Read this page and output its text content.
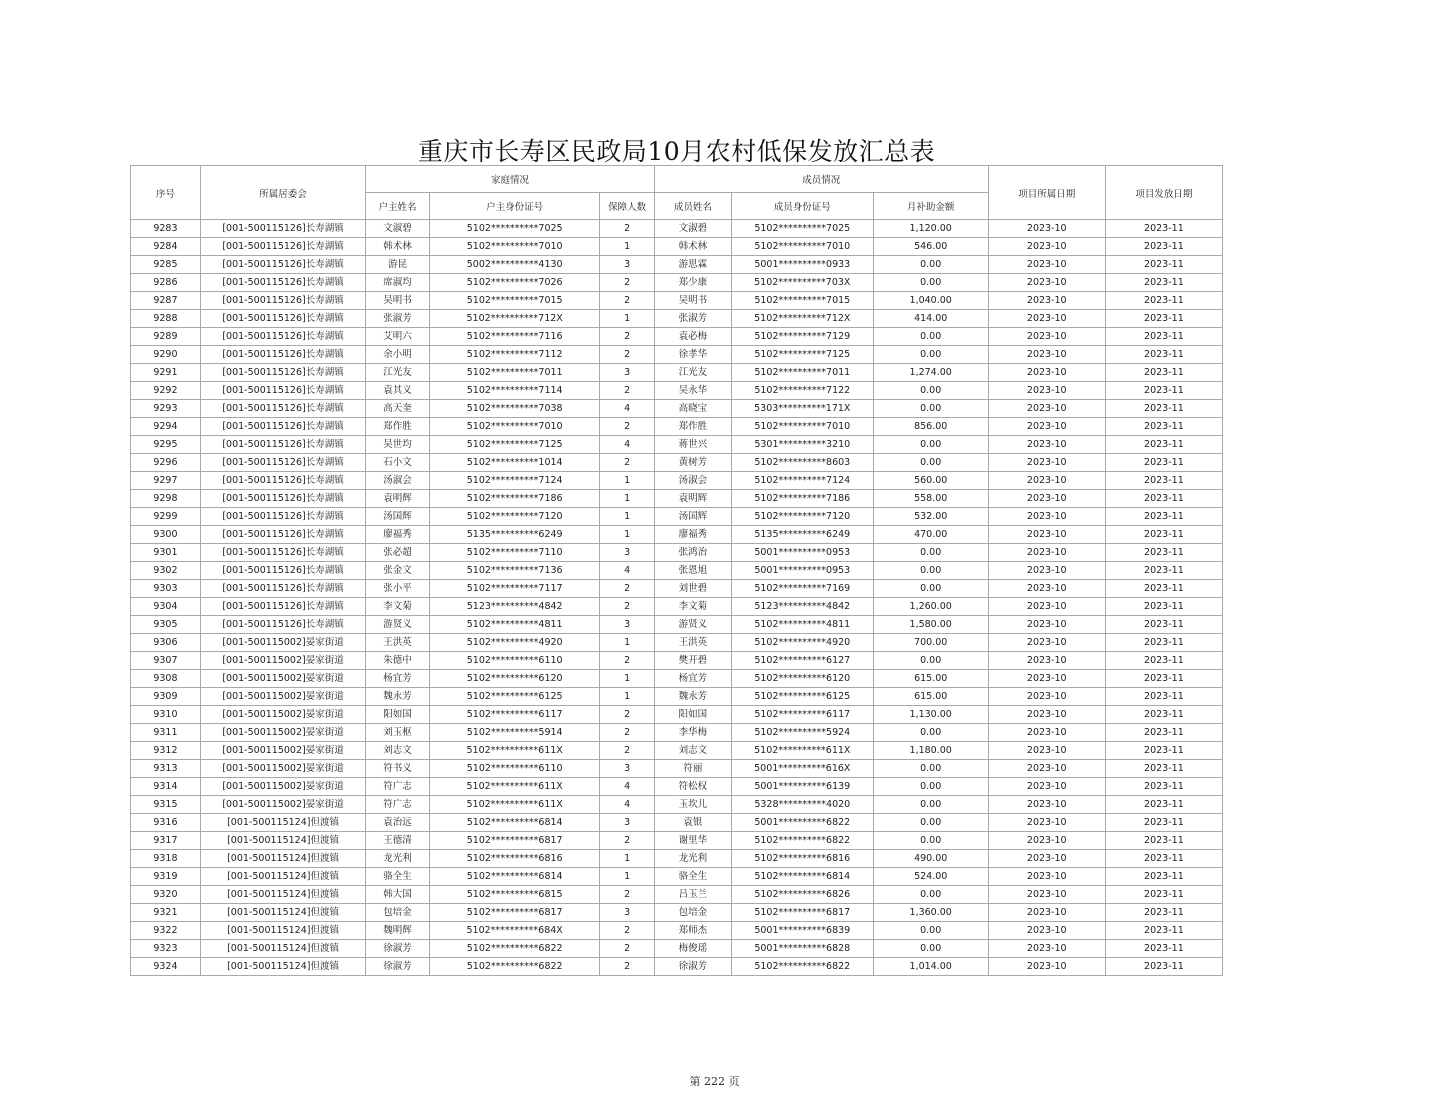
重庆市长寿区民政局10月农村低保发放汇总表
序号	所属居委会	家庭情况			成员情况			项目所属日期	项目发放日期
		户主姓名	户主身份证号	保障人数	成员姓名	成员身份证号	月补助金额		
9283	[001-500115126]长寿湖镇	文淑碧	5102**********7025	2	文淑碧	5102**********7025	1,120.00	2023-10	2023-11
9284	[001-500115126]长寿湖镇	韩术林	5102**********7010	1	韩术林	5102**********7010	546.00	2023-10	2023-11
9285	[001-500115126]长寿湖镇	游昆	5002**********4130	3	游思霖	5001**********0933	0.00	2023-10	2023-11
9286	[001-500115126]长寿湖镇	席淑均	5102**********7026	2	郑少康	5102**********703X	0.00	2023-10	2023-11
9287	[001-500115126]长寿湖镇	吴明书	5102**********7015	2	吴明书	5102**********7015	1,040.00	2023-10	2023-11
9288	[001-500115126]长寿湖镇	张淑芳	5102**********712X	1	张淑芳	5102**********712X	414.00	2023-10	2023-11
9289	[001-500115126]长寿湖镇	艾明六	5102**********7116	2	袁必梅	5102**********7129	0.00	2023-10	2023-11
9290	[001-500115126]长寿湖镇	余小明	5102**********7112	2	徐孝华	5102**********7125	0.00	2023-10	2023-11
9291	[001-500115126]长寿湖镇	江光友	5102**********7011	3	江光友	5102**********7011	1,274.00	2023-10	2023-11
9292	[001-500115126]长寿湖镇	袁其义	5102**********7114	2	吴永华	5102**********7122	0.00	2023-10	2023-11
9293	[001-500115126]长寿湖镇	高天奎	5102**********7038	4	高晓宝	5303**********171X	0.00	2023-10	2023-11
9294	[001-500115126]长寿湖镇	郑作胜	5102**********7010	2	郑作胜	5102**********7010	856.00	2023-10	2023-11
9295	[001-500115126]长寿湖镇	吴世均	5102**********7125	4	蒋世兴	5301**********3210	0.00	2023-10	2023-11
9296	[001-500115126]长寿湖镇	石小文	5102**********1014	2	黄树芳	5102**********8603	0.00	2023-10	2023-11
9297	[001-500115126]长寿湖镇	汤淑会	5102**********7124	1	汤淑会	5102**********7124	560.00	2023-10	2023-11
9298	[001-500115126]长寿湖镇	袁明辉	5102**********7186	1	袁明辉	5102**********7186	558.00	2023-10	2023-11
9299	[001-500115126]长寿湖镇	汤国辉	5102**********7120	1	汤国辉	5102**********7120	532.00	2023-10	2023-11
9300	[001-500115126]长寿湖镇	廖福秀	5135**********6249	1	廖福秀	5135**********6249	470.00	2023-10	2023-11
9301	[001-500115126]长寿湖镇	张必超	5102**********7110	3	张鸿治	5001**********0953	0.00	2023-10	2023-11
9302	[001-500115126]长寿湖镇	张金文	5102**********7136	4	张恩旭	5001**********0953	0.00	2023-10	2023-11
9303	[001-500115126]长寿湖镇	张小平	5102**********7117	2	刘世碧	5102**********7169	0.00	2023-10	2023-11
9304	[001-500115126]长寿湖镇	李文菊	5123**********4842	2	李文菊	5123**********4842	1,260.00	2023-10	2023-11
9305	[001-500115126]长寿湖镇	游贤义	5102**********4811	3	游贤义	5102**********4811	1,580.00	2023-10	2023-11
9306	[001-500115002]晏家街道	王洪英	5102**********4920	1	王洪英	5102**********4920	700.00	2023-10	2023-11
9307	[001-500115002]晏家街道	朱德中	5102**********6110	2	樊开碧	5102**********6127	0.00	2023-10	2023-11
9308	[001-500115002]晏家街道	杨宜芳	5102**********6120	1	杨宜芳	5102**********6120	615.00	2023-10	2023-11
9309	[001-500115002]晏家街道	魏永芳	5102**********6125	1	魏永芳	5102**********6125	615.00	2023-10	2023-11
9310	[001-500115002]晏家街道	阳如国	5102**********6117	2	阳如国	5102**********6117	1,130.00	2023-10	2023-11
9311	[001-500115002]晏家街道	刘玉枢	5102**********5914	2	李华梅	5102**********5924	0.00	2023-10	2023-11
9312	[001-500115002]晏家街道	刘志文	5102**********611X	2	刘志文	5102**********611X	1,180.00	2023-10	2023-11
9313	[001-500115002]晏家街道	符书义	5102**********6110	3	符丽	5001**********616X	0.00	2023-10	2023-11
9314	[001-500115002]晏家街道	符广志	5102**********611X	4	符松权	5001**********6139	0.00	2023-10	2023-11
9315	[001-500115002]晏家街道	符广志	5102**********611X	4	玉坎儿	5328**********4020	0.00	2023-10	2023-11
9316	[001-500115124]但渡镇	袁治远	5102**********6814	3	袁银	5001**********6822	0.00	2023-10	2023-11
9317	[001-500115124]但渡镇	王德清	5102**********6817	2	谢里华	5102**********6822	0.00	2023-10	2023-11
9318	[001-500115124]但渡镇	龙光利	5102**********6816	1	龙光利	5102**********6816	490.00	2023-10	2023-11
9319	[001-500115124]但渡镇	骆全生	5102**********6814	1	骆全生	5102**********6814	524.00	2023-10	2023-11
9320	[001-500115124]但渡镇	韩大国	5102**********6815	2	吕玉兰	5102**********6826	0.00	2023-10	2023-11
9321	[001-500115124]但渡镇	包培金	5102**********6817	3	包培金	5102**********6817	1,360.00	2023-10	2023-11
9322	[001-500115124]但渡镇	魏明辉	5102**********684X	2	郑师杰	5001**********6839	0.00	2023-10	2023-11
9323	[001-500115124]但渡镇	徐淑芳	5102**********6822	2	梅俊瑶	5001**********6828	0.00	2023-10	2023-11
9324	[001-500115124]但渡镇	徐淑芳	5102**********6822	2	徐淑芳	5102**********6822	1,014.00	2023-10	2023-11
第 222 页
